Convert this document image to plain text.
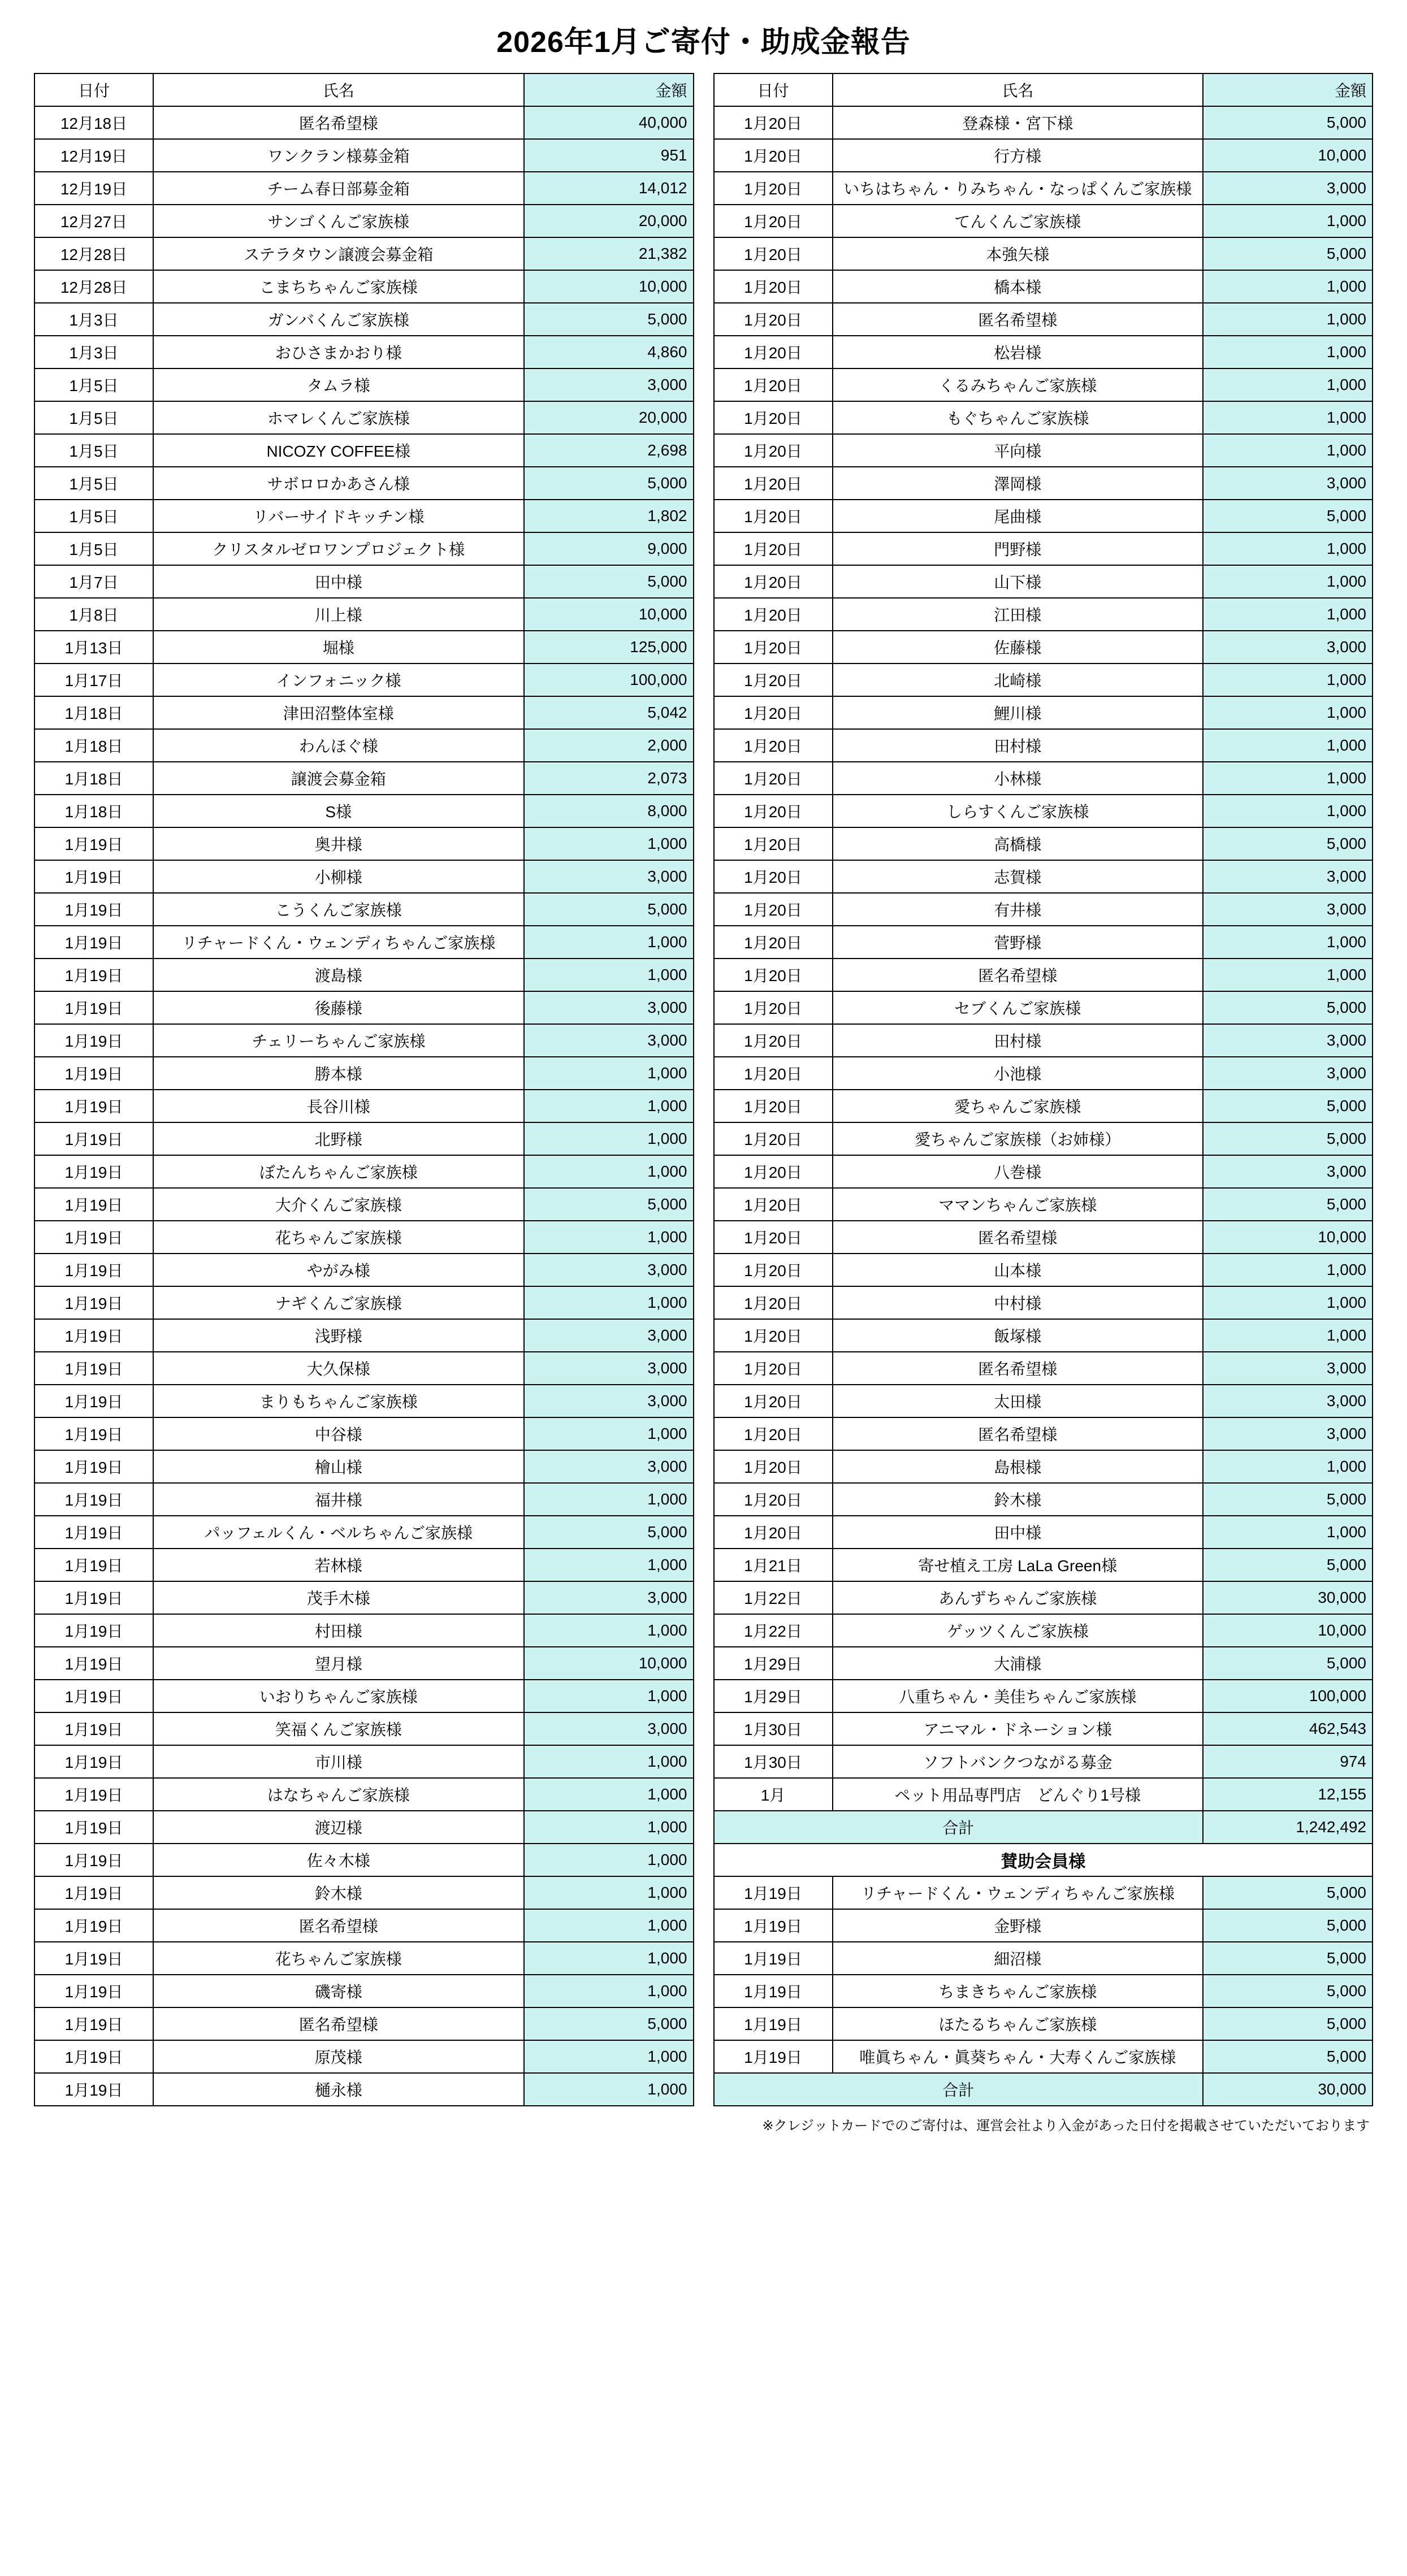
2026年1月ご寄付・助成金報告
日付	氏名	金額
12月18日	匿名希望様	40,000
12月19日	ワンクラン様募金箱	951
12月19日	チーム春日部募金箱	14,012
12月27日	サンゴくんご家族様	20,000
12月28日	ステラタウン譲渡会募金箱	21,382
12月28日	こまちちゃんご家族様	10,000
1月3日	ガンバくんご家族様	5,000
1月3日	おひさまかおり様	4,860
1月5日	タムラ様	3,000
1月5日	ホマレくんご家族様	20,000
1月5日	NICOZY COFFEE様	2,698
1月5日	サボロロかあさん様	5,000
1月5日	リバーサイドキッチン様	1,802
1月5日	クリスタルゼロワンプロジェクト様	9,000
1月7日	田中様	5,000
1月8日	川上様	10,000
1月13日	堀様	125,000
1月17日	インフォニック様	100,000
1月18日	津田沼整体室様	5,042
1月18日	わんほぐ様	2,000
1月18日	譲渡会募金箱	2,073
1月18日	S様	8,000
1月19日	奥井様	1,000
1月19日	小柳様	3,000
1月19日	こうくんご家族様	5,000
1月19日	リチャードくん・ウェンディちゃんご家族様	1,000
1月19日	渡島様	1,000
1月19日	後藤様	3,000
1月19日	チェリーちゃんご家族様	3,000
1月19日	勝本様	1,000
1月19日	長谷川様	1,000
1月19日	北野様	1,000
1月19日	ぼたんちゃんご家族様	1,000
1月19日	大介くんご家族様	5,000
1月19日	花ちゃんご家族様	1,000
1月19日	やがみ様	3,000
1月19日	ナギくんご家族様	1,000
1月19日	浅野様	3,000
1月19日	大久保様	3,000
1月19日	まりもちゃんご家族様	3,000
1月19日	中谷様	1,000
1月19日	檜山様	3,000
1月19日	福井様	1,000
1月19日	パッフェルくん・ベルちゃんご家族様	5,000
1月19日	若林様	1,000
1月19日	茂手木様	3,000
1月19日	村田様	1,000
1月19日	望月様	10,000
1月19日	いおりちゃんご家族様	1,000
1月19日	笑福くんご家族様	3,000
1月19日	市川様	1,000
1月19日	はなちゃんご家族様	1,000
1月19日	渡辺様	1,000
1月19日	佐々木様	1,000
1月19日	鈴木様	1,000
1月19日	匿名希望様	1,000
1月19日	花ちゃんご家族様	1,000
1月19日	磯寄様	1,000
1月19日	匿名希望様	5,000
1月19日	原茂様	1,000
1月19日	樋永様	1,000
日付	氏名	金額
1月20日	登森様・宮下様	5,000
1月20日	行方様	10,000
1月20日	いちはちゃん・りみちゃん・なっぱくんご家族様	3,000
1月20日	てんくんご家族様	1,000
1月20日	本強矢様	5,000
1月20日	橋本様	1,000
1月20日	匿名希望様	1,000
1月20日	松岩様	1,000
1月20日	くるみちゃんご家族様	1,000
1月20日	もぐちゃんご家族様	1,000
1月20日	平向様	1,000
1月20日	澤岡様	3,000
1月20日	尾曲様	5,000
1月20日	門野様	1,000
1月20日	山下様	1,000
1月20日	江田様	1,000
1月20日	佐藤様	3,000
1月20日	北崎様	1,000
1月20日	鯉川様	1,000
1月20日	田村様	1,000
1月20日	小林様	1,000
1月20日	しらすくんご家族様	1,000
1月20日	高橋様	5,000
1月20日	志賀様	3,000
1月20日	有井様	3,000
1月20日	菅野様	1,000
1月20日	匿名希望様	1,000
1月20日	セブくんご家族様	5,000
1月20日	田村様	3,000
1月20日	小池様	3,000
1月20日	愛ちゃんご家族様	5,000
1月20日	愛ちゃんご家族様（お姉様）	5,000
1月20日	八巻様	3,000
1月20日	ママンちゃんご家族様	5,000
1月20日	匿名希望様	10,000
1月20日	山本様	1,000
1月20日	中村様	1,000
1月20日	飯塚様	1,000
1月20日	匿名希望様	3,000
1月20日	太田様	3,000
1月20日	匿名希望様	3,000
1月20日	島根様	1,000
1月20日	鈴木様	5,000
1月20日	田中様	1,000
1月21日	寄せ植え工房 LaLa Green様	5,000
1月22日	あんずちゃんご家族様	30,000
1月22日	ゲッツくんご家族様	10,000
1月29日	大浦様	5,000
1月29日	八重ちゃん・美佳ちゃんご家族様	100,000
1月30日	アニマル・ドネーション様	462,543
1月30日	ソフトバンクつながる募金	974
1月	ペット用品専門店　どんぐり1号様	12,155
合計		1,242,492
賛助会員様		
1月19日	リチャードくん・ウェンディちゃんご家族様	5,000
1月19日	金野様	5,000
1月19日	細沼様	5,000
1月19日	ちまきちゃんご家族様	5,000
1月19日	ほたるちゃんご家族様	5,000
1月19日	唯眞ちゃん・眞葵ちゃん・大寿くんご家族様	5,000
合計		30,000
※クレジットカードでのご寄付は、運営会社より入金があった日付を掲載させていただいております
